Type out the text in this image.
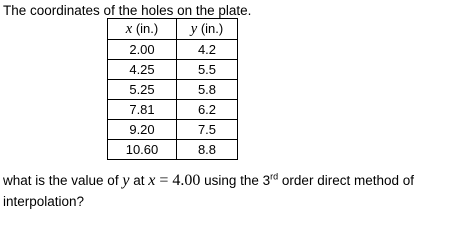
The coordinates of the holes on the plate.
x (in.)	y (in.)
2.00	4.2
4.25	5.5
5.25	5.8
7.81	6.2
9.20	7.5
10.60	8.8
what is the value of y at x = 4.00 using the 3rd order direct method of interpolation?
